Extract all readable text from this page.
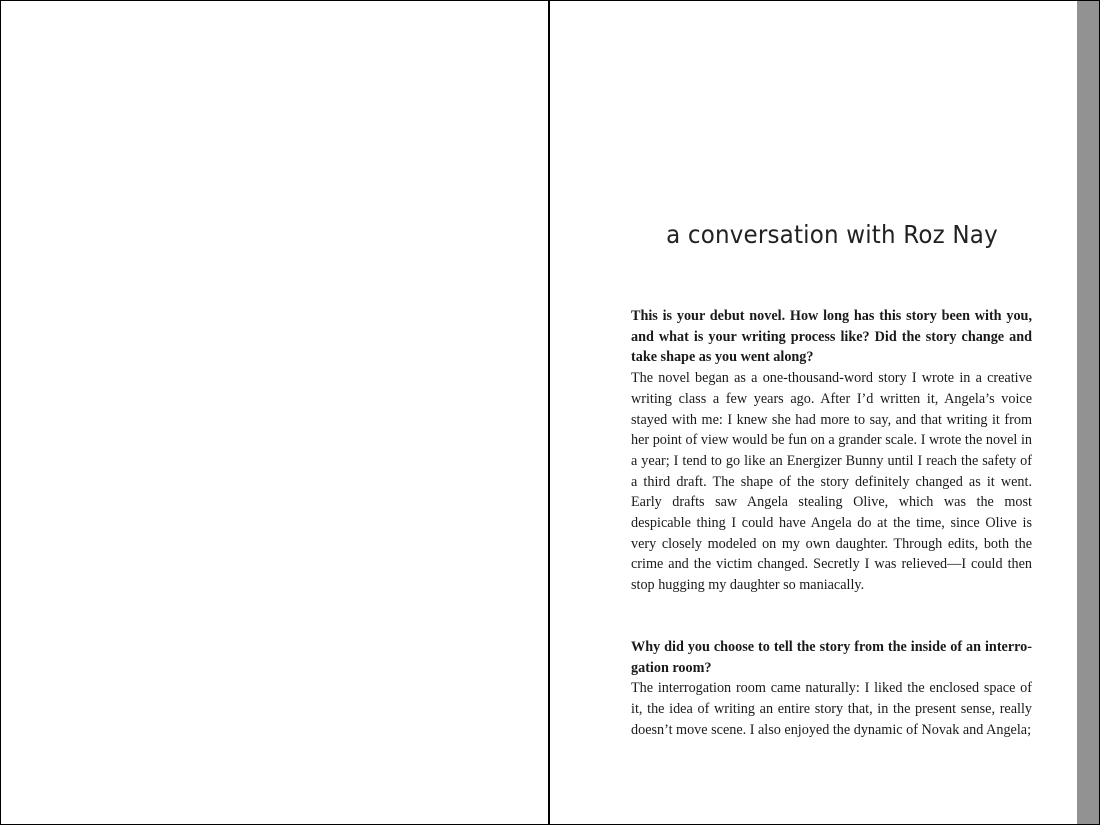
a conversation with Roz Nay

This is your debut novel. How long has this story been with you, and what is your writing process like? Did the story change and take shape as you went along?

The novel began as a one-thousand-word story I wrote in a creative writing class a few years ago. After I’d written it, Angela’s voice stayed with me: I knew she had more to say, and that writing it from her point of view would be fun on a grander scale. I wrote the novel in a year; I tend to go like an Energizer Bunny until I reach the safety of a third draft. The shape of the story definitely changed as it went. Early drafts saw Angela stealing Olive, which was the most despicable thing I could have Angela do at the time, since Olive is very closely modeled on my own daughter. Through edits, both the crime and the victim changed. Secretly I was relieved—I could then stop hugging my daughter so maniacally.

Why did you choose to tell the story from the inside of an interro-gation room?

The interrogation room came naturally: I liked the enclosed space of it, the idea of writing an entire story that, in the present sense, really doesn’t move scene. I also enjoyed the dynamic of Novak and Angela;
